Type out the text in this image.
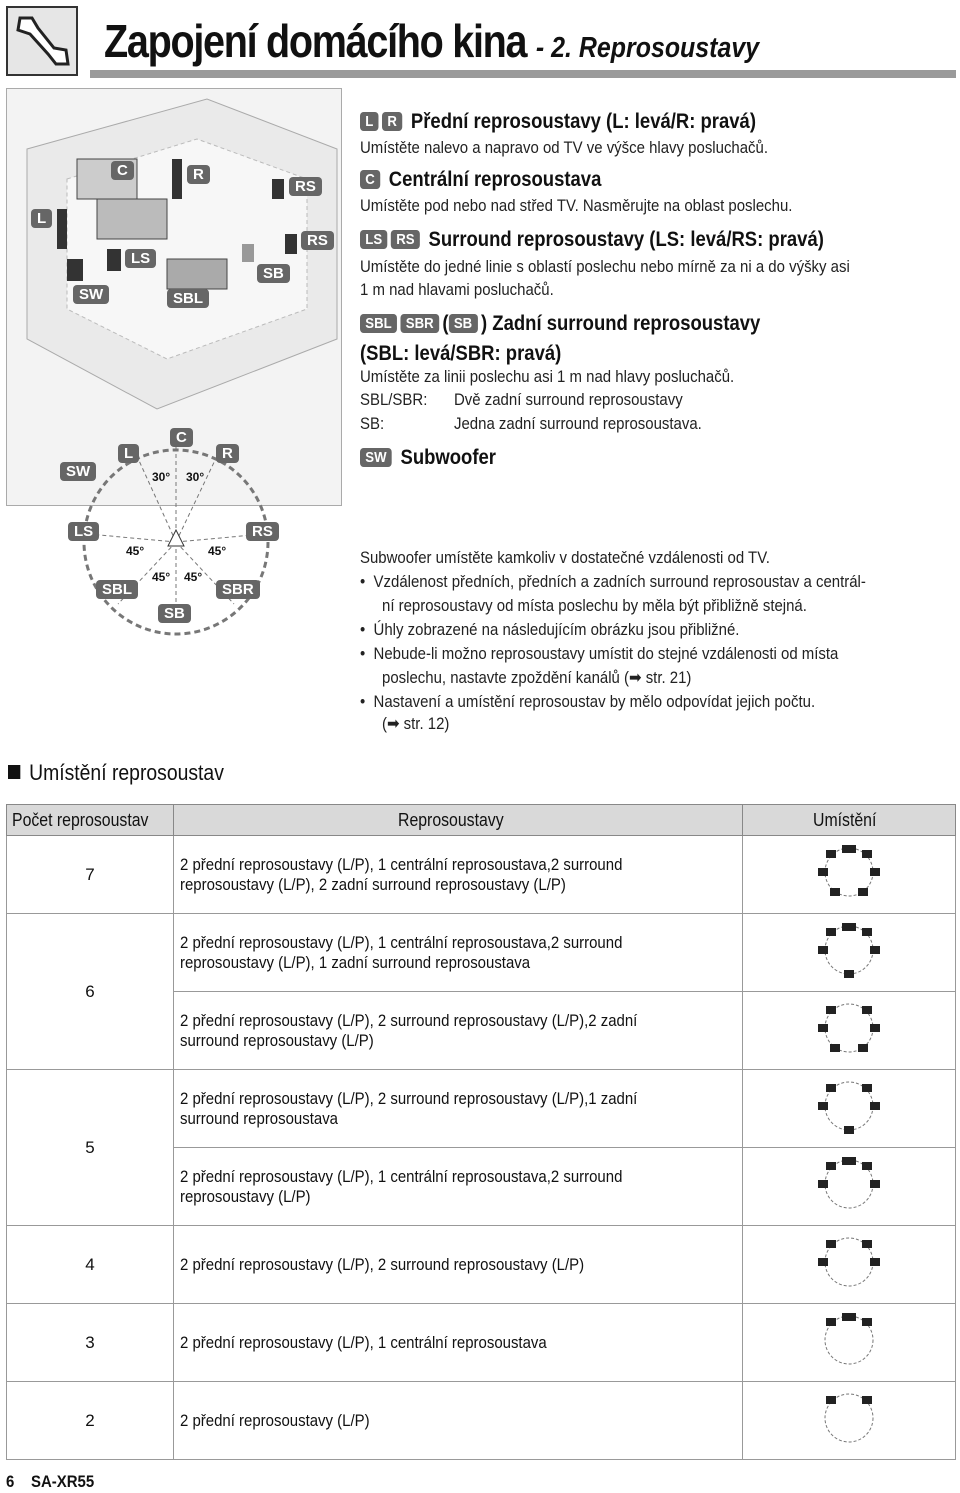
Zapojení domácího kina - 2. Reprosoustavy
L
C	R
RS
RS
LS
SB
SW	SBL
SW
L
C
R
LS	RS
SBL
SB
SBR
30° 30°
45°	45°
45° 45°
L R Přední reprosoustavy (L: levá/R: pravá)
Umístěte nalevo a napravo od TV ve výšce hlavy posluchačů.
C Centrální reprosoustava
Umístěte pod nebo nad střed TV. Nasměrujte na oblast poslechu.
LS RS Surround reprosoustavy (LS: levá/RS: pravá)
Umístěte do jedné linie s oblastí poslechu nebo mírně za ni a do výšky asi
1 m nad hlavami posluchačů.
SBL SBR ( SB ) Zadní surround reprosoustavy
(SBL: levá/SBR: pravá)
Umístěte za linii poslechu asi 1 m nad hlavy posluchačů.
SBL/SBR: Dvě zadní surround reprosoustavy
SB:	Jedna zadní surround reprosoustava.
SW Subwoofer
Subwoofer umístěte kamkoliv v dostatečné vzdálenosti od TV.
•  Vzdálenost předních, předních a zadních surround reprosoustav a centrál-
ní reprosoustavy od místa poslechu by měla být přibližně stejná.
•  Úhly zobrazené na následujícím obrázku jsou přibližné.
•  Nebude-li možno reprosoustavy umístit do stejné vzdálenosti od místa
poslechu, nastavte zpoždění kanálů (➡ str. 21)
•  Nastavení a umístění reprosoustav by mělo odpovídat jejich počtu.
(➡ str. 12)
Umístění reprosoustav
Počet reprosoustav	Reprosoustavy	Umístění
7	2 přední reprosoustavy (L/P), 1 centrální reprosoustava,2 surround
reprosoustavy (L/P), 2 zadní surround reprosoustavy (L/P)	
6	2 přední reprosoustavy (L/P), 1 centrální reprosoustava,2 surround
reprosoustavy (L/P), 1 zadní surround reprosoustava	
	2 přední reprosoustavy (L/P), 2 surround reprosoustavy (L/P),2 zadní
surround reprosoustavy (L/P)	
5	2 přední reprosoustavy (L/P), 2 surround reprosoustavy (L/P),1 zadní
surround reprosoustava	
	2 přední reprosoustavy (L/P), 1 centrální reprosoustava,2 surround
reprosoustavy (L/P)	
4	2 přední reprosoustavy (L/P), 2 surround reprosoustavy (L/P)	
3	2 přední reprosoustavy (L/P), 1 centrální reprosoustava	
2	2 přední reprosoustavy (L/P)	
6 SA-XR55
